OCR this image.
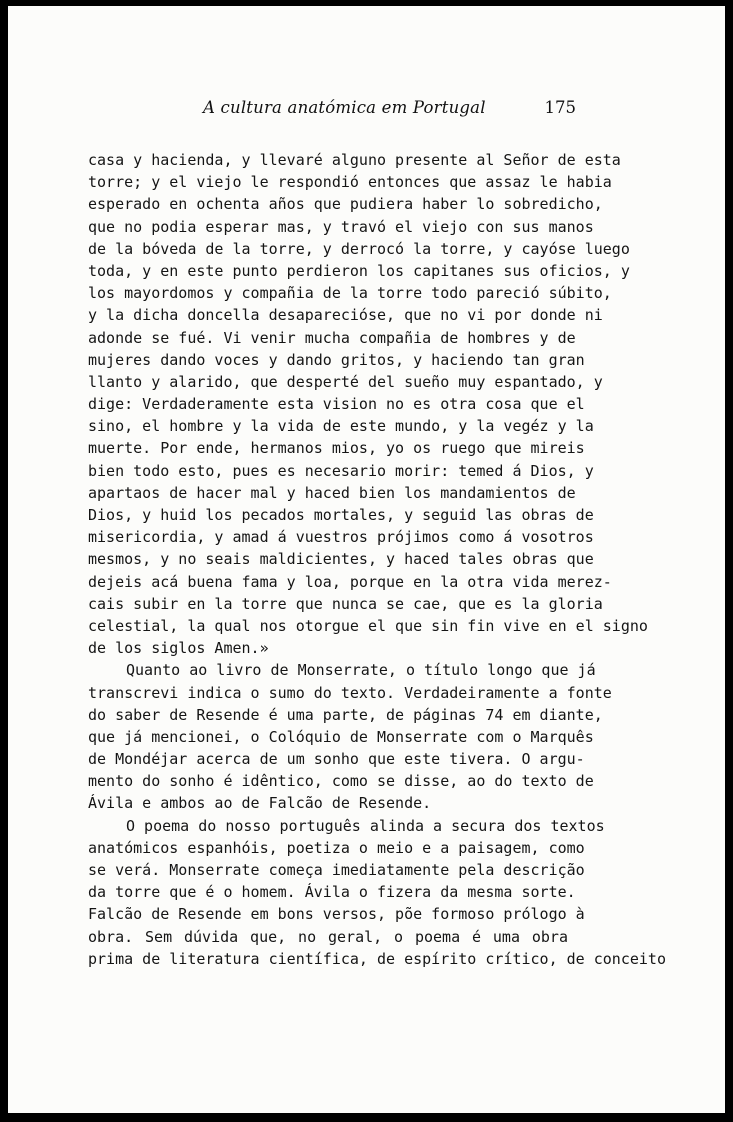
A cultura anatómica em Portugal	175
casa y hacienda, y llevaré alguno presente al Señor de esta
torre; y el viejo le respondió entonces que assaz le habia
esperado en ochenta años que pudiera haber lo sobredicho,
que no podia esperar mas, y travó el viejo con sus manos
de la bóveda de la torre, y derrocó la torre, y cayóse luego
toda, y en este punto perdieron los capitanes sus oficios, y
los mayordomos y compañia de la torre todo pareció súbito,
y la dicha doncella desapareciόse, que no vi por donde ni
adonde se fué. Vi venir mucha compañia de hombres y de
mujeres dando voces y dando gritos, y haciendo tan gran
llanto y alarido, que desperté del sueño muy espantado, y
dige: Verdaderamente esta vision no es otra cosa que el
sino, el hombre y la vida de este mundo, y la vegéz y la
muerte. Por ende, hermanos mios, yo os ruego que mireis
bien todo esto, pues es necesario morir: temed á Dios, y
apartaos de hacer mal y haced bien los mandamientos de
Dios, y huid los pecados mortales, y seguid las obras de
misericordia, y amad á vuestros prójimos como á vosotros
mesmos, y no seais maldicientes, y haced tales obras que
dejeis acá buena fama y loa, porque en la otra vida merez-
cais subir en la torre que nunca se cae, que es la gloria
celestial, la qual nos otorgue el que sin fin vive en el signo
de los siglos Amen.»
Quanto ao livro de Monserrate, o título longo que já
transcrevi indica o sumo do texto. Verdadeiramente a fonte
do saber de Resende é uma parte, de páginas 74 em diante,
que já mencionei, o Colóquio de Monserrate com o Marquês
de Mondéjar acerca de um sonho que este tivera. O argu-
mento do sonho é idêntico, como se disse, ao do texto de
Ávila e ambos ao de Falcão de Resende.
O poema do nosso português alinda a secura dos textos
anatómicos espanhóis, poetiza o meio e a paisagem, como
se verá. Monserrate começa imediatamente pela descrição
da torre que é o homem. Ávila o fizera da mesma sorte.
Falcão de Resende em bons versos, põe formoso prólogo à
obra. Sem dúvida que, no geral, o poema é uma obra
prima de literatura científica, de espírito crítico, de conceito
